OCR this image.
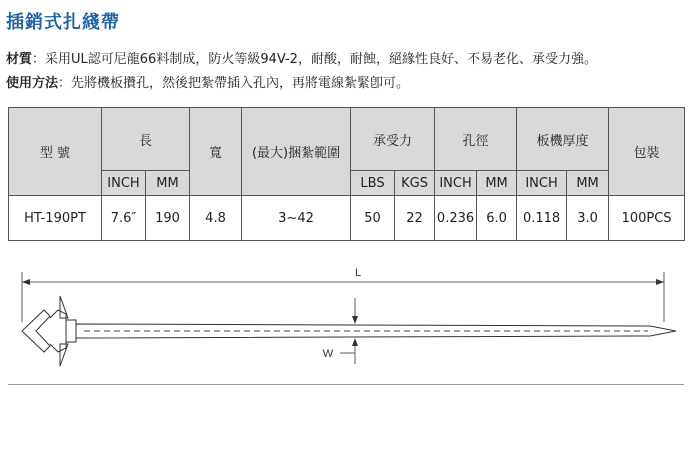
插銷式扎綫帶
材質：采用UL認可尼龍66料制成，防火等級94V-2，耐酸，耐蝕，絕緣性良好、不易老化、承受力強。
使用方法：先將機板攢孔，然後把紮帶插入孔內，再將電線紮緊卽可。
型 號	長		寬	(最大)捆紮範圍	承受力		孔徑		板機厚度		包裝
	INCH	MM			LBS	KGS	INCH	MM	INCH	MM	
HT-190PT	7.6″	190	4.8	3~42	50	22	0.236	6.0	0.118	3.0	100PCS
L
W
